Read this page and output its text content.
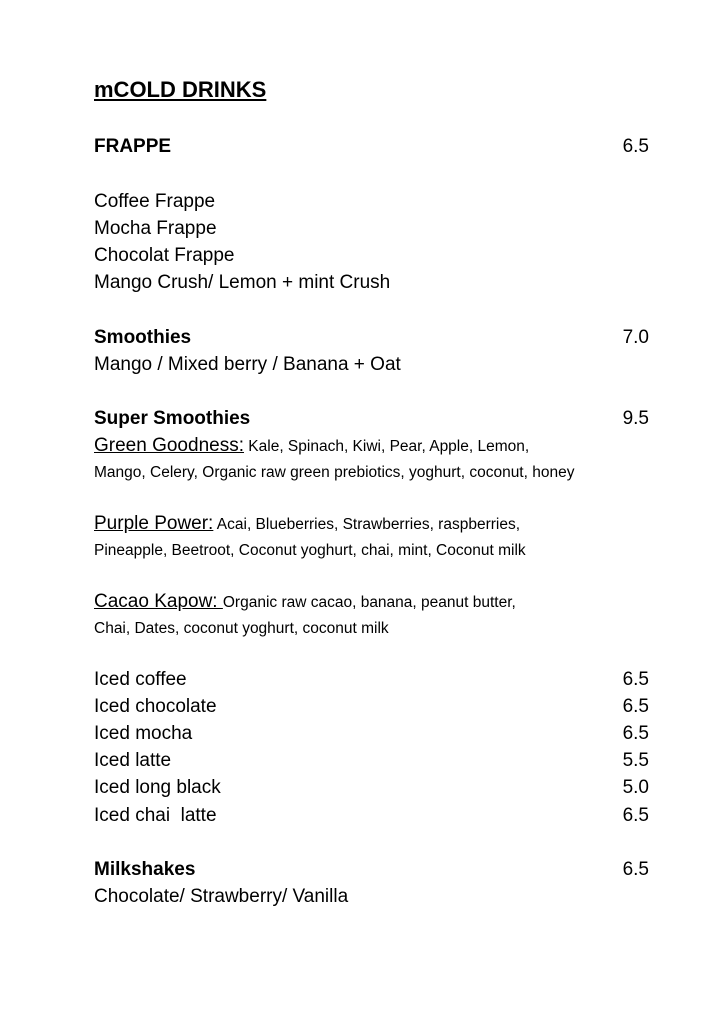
mCOLD DRINKS
FRAPPE	6.5
Coffee Frappe
Mocha Frappe
Chocolat Frappe
Mango Crush/ Lemon + mint Crush
Smoothies	7.0
Mango / Mixed berry / Banana + Oat
Super Smoothies	9.5
Green Goodness: Kale, Spinach, Kiwi, Pear, Apple, Lemon,
Mango, Celery, Organic raw green prebiotics, yoghurt, coconut, honey
Purple Power: Acai, Blueberries, Strawberries, raspberries,
Pineapple, Beetroot, Coconut yoghurt, chai, mint, Coconut milk
Cacao Kapow: Organic raw cacao, banana, peanut butter,
Chai, Dates, coconut yoghurt, coconut milk
Iced coffee	6.5
Iced chocolate	6.5
Iced mocha	6.5
Iced latte	5.5
Iced long black	5.0
Iced chai  latte	6.5
Milkshakes	6.5
Chocolate/ Strawberry/ Vanilla
